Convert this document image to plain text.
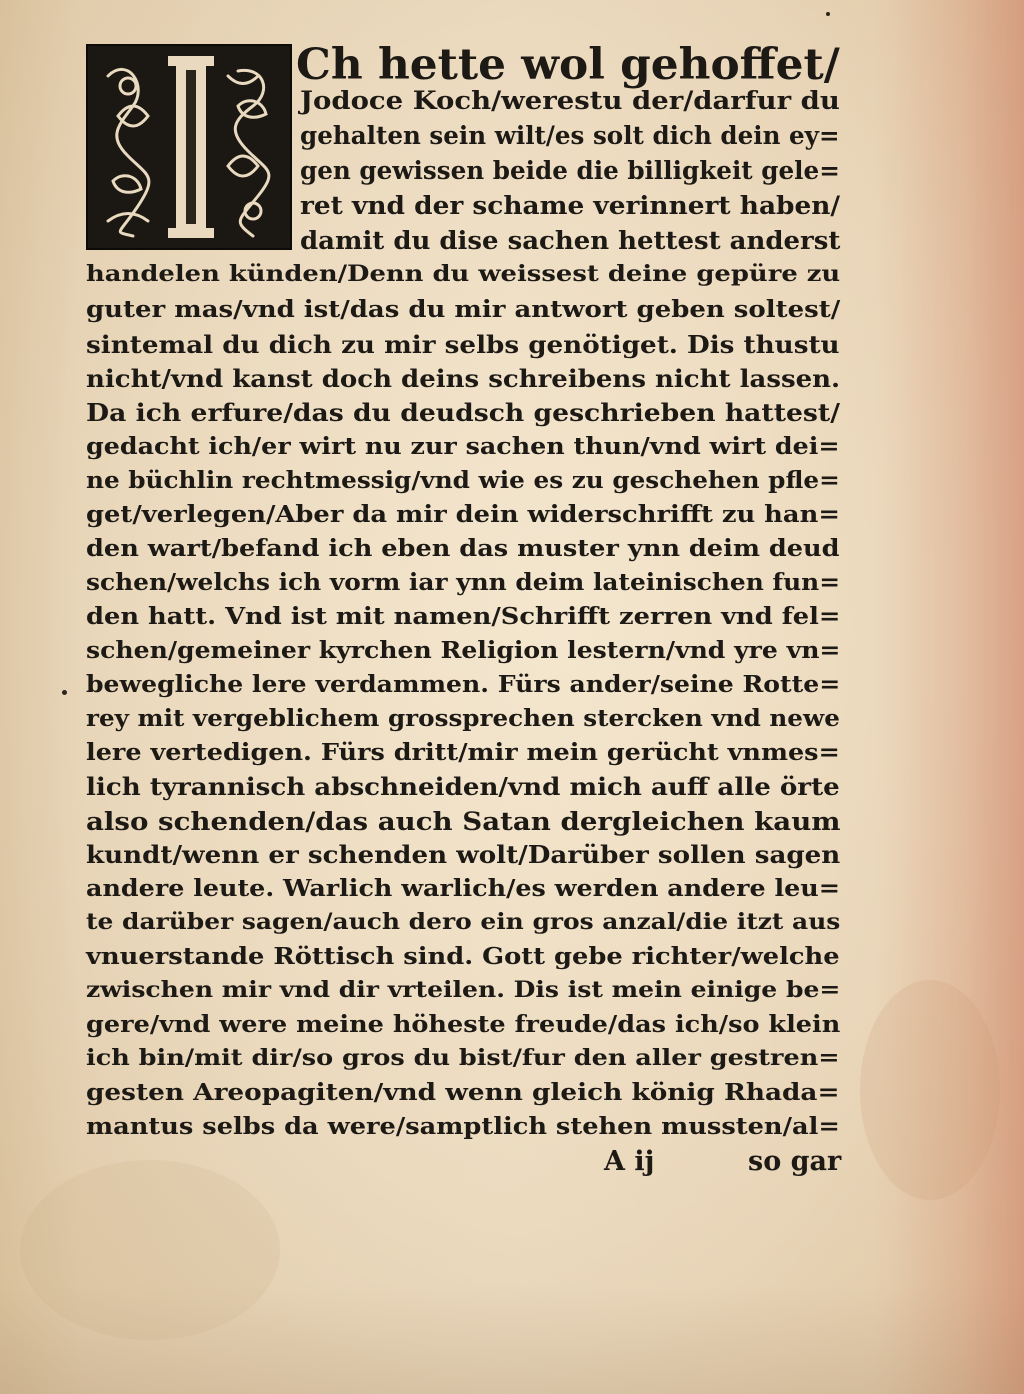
Ch hette wol gehoffet/
Jodoce Koch/werestu der/darfur du
gehalten sein wilt/es solt dich dein ey=
gen gewissen beide die billigkeit gele=
ret vnd der schame verinnert haben/
damit du dise sachen hettest anderst
handelen künden/Denn du weissest deine gepüre zu
guter mas/vnd ist/das du mir antwort geben soltest/
sintemal du dich zu mir selbs genötiget. Dis thustu
nicht/vnd kanst doch deins schreibens nicht lassen.
Da ich erfure/das du deudsch geschrieben hattest/
gedacht ich/er wirt nu zur sachen thun/vnd wirt dei=
ne büchlin rechtmessig/vnd wie es zu geschehen pfle=
get/verlegen/Aber da mir dein widerschrifft zu han=
den wart/befand ich eben das muster ynn deim deud
schen/welchs ich vorm iar ynn deim lateinischen fun=
den hatt. Vnd ist mit namen/Schrifft zerren vnd fel=
schen/gemeiner kyrchen Religion lestern/vnd yre vn=
bewegliche lere verdammen. Fürs ander/seine Rotte=
rey mit vergeblichem grossprechen stercken vnd newe
lere vertedigen. Fürs dritt/mir mein gerücht vnmes=
lich tyrannisch abschneiden/vnd mich auff alle örte
also schenden/das auch Satan dergleichen kaum
kundt/wenn er schenden wolt/Darüber sollen sagen
andere leute. Warlich warlich/es werden andere leu=
te darüber sagen/auch dero ein gros anzal/die itzt aus
vnuerstande Röttisch sind. Gott gebe richter/welche
zwischen mir vnd dir vrteilen. Dis ist mein einige be=
gere/vnd were meine höheste freude/das ich/so klein
ich bin/mit dir/so gros du bist/fur den aller gestren=
gesten Areopagiten/vnd wenn gleich könig Rhada=
mantus selbs da were/samptlich stehen mussten/al=
A ij	so gar
